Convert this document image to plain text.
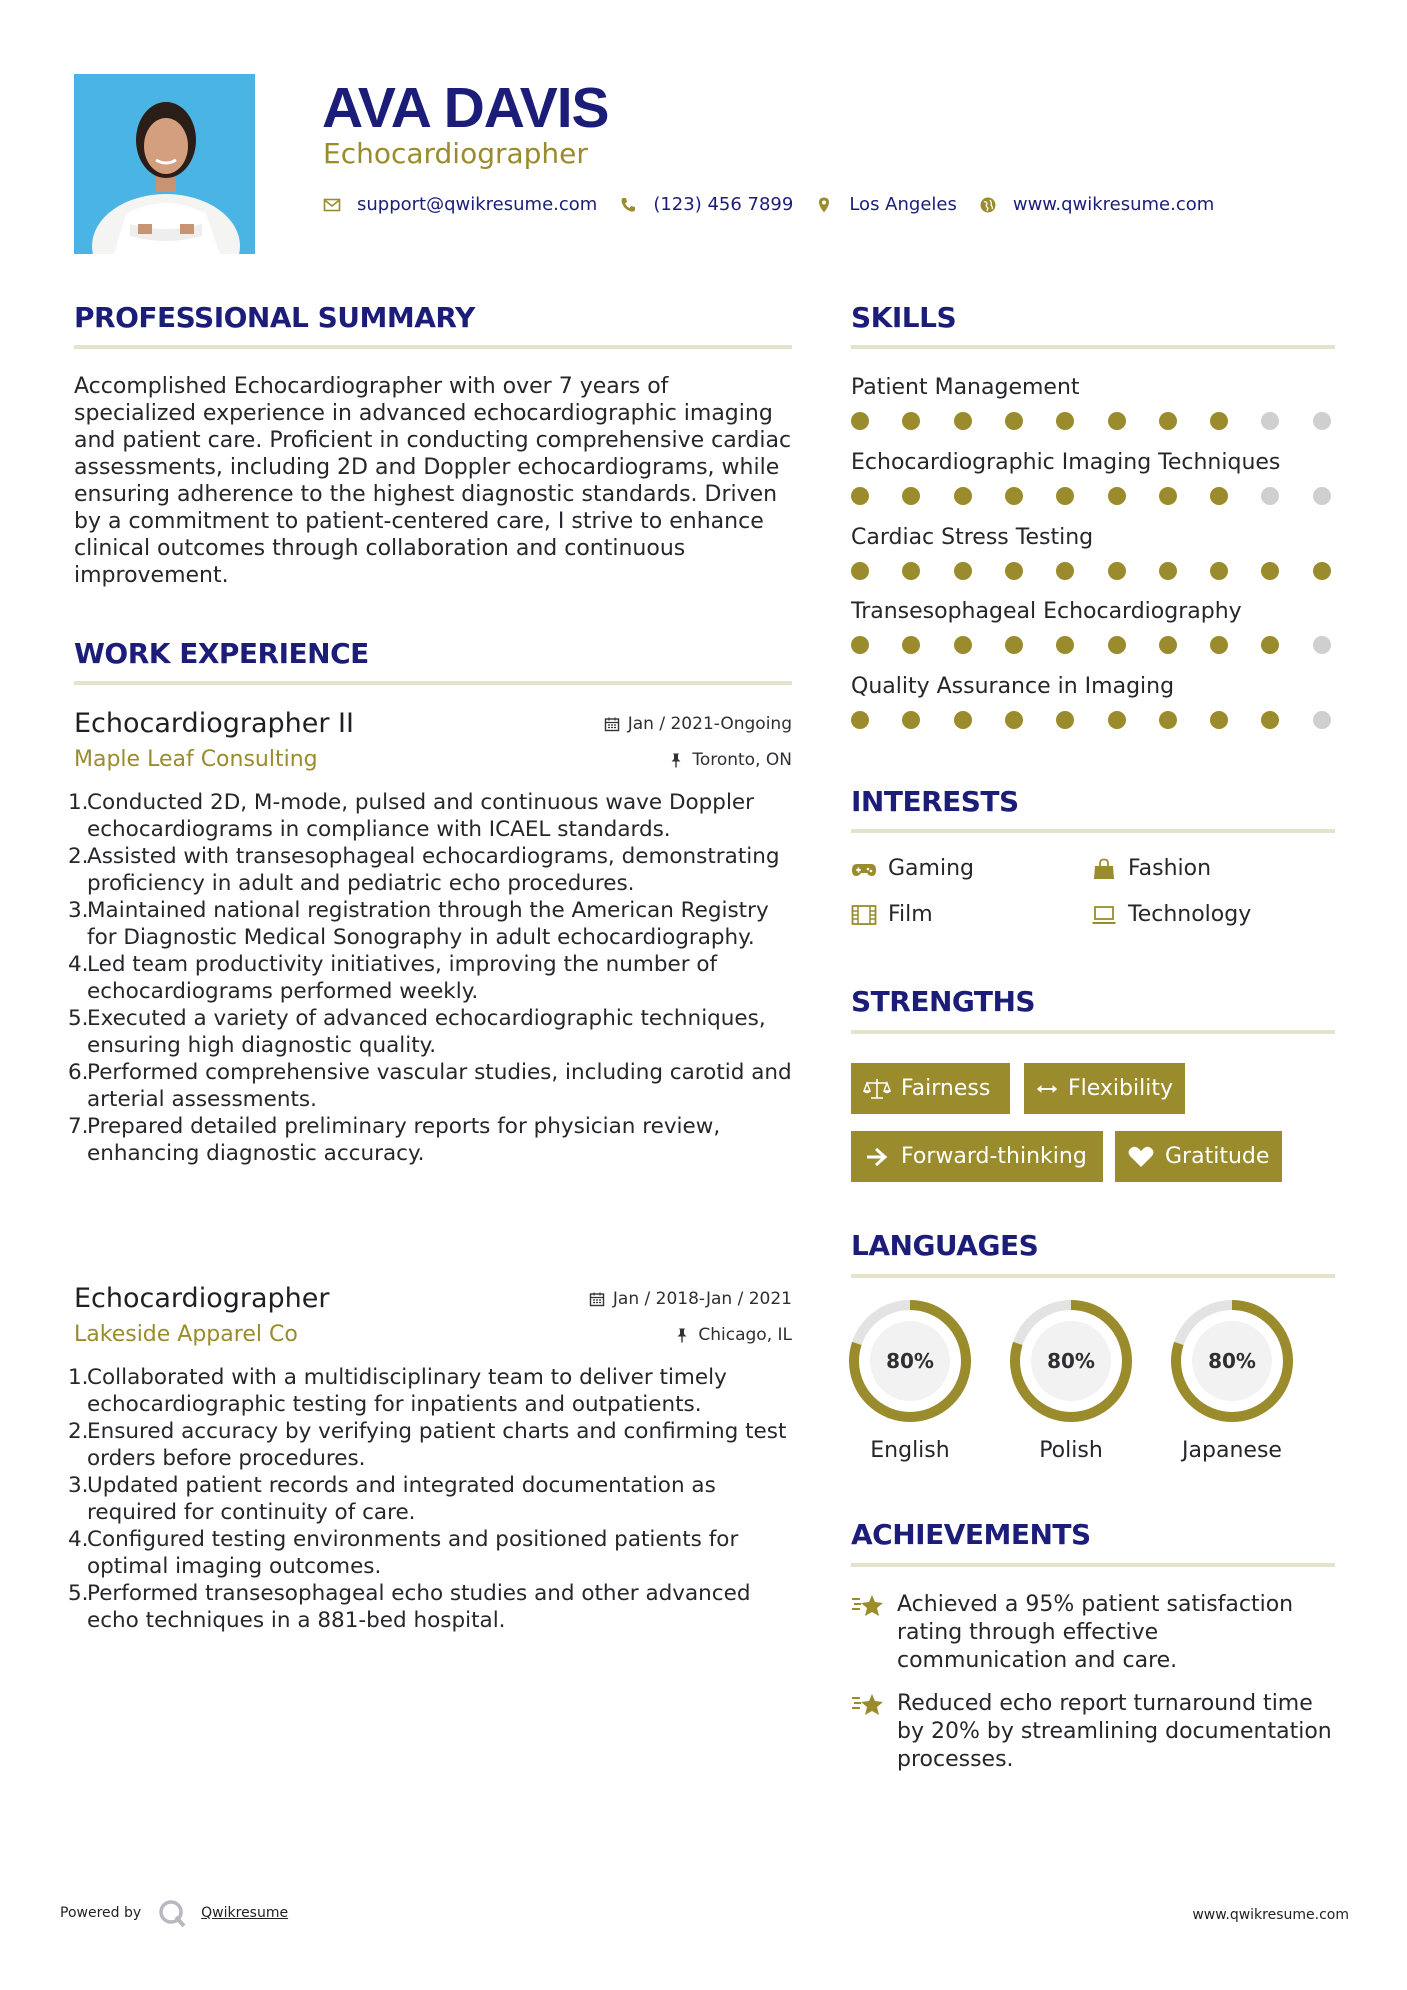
AVA DAVIS
Echocardiographer
support@qwikresume.com	(123) 456 7899	Los Angeles	www.qwikresume.com
PROFESSIONAL SUMMARY
Accomplished Echocardiographer with over 7 years of specialized experience in advanced echocardiographic imaging and patient care. Proficient in conducting comprehensive cardiac assessments, including 2D and Doppler echocardiograms, while ensuring adherence to the highest diagnostic standards. Driven by a commitment to patient-centered care, I strive to enhance clinical outcomes through collaboration and continuous improvement.
WORK EXPERIENCE
Echocardiographer II	Jan / 2021-Ongoing
Maple Leaf Consulting	Toronto, ON
1.
Conducted 2D, M-mode, pulsed and continuous wave Doppler echocardiograms in compliance with ICAEL standards.
2.
Assisted with transesophageal echocardiograms, demonstrating proficiency in adult and pediatric echo procedures.
3.
Maintained national registration through the American Registry for Diagnostic Medical Sonography in adult echocardiography.
4.
Led team productivity initiatives, improving the number of echocardiograms performed weekly.
5.
Executed a variety of advanced echocardiographic techniques, ensuring high diagnostic quality.
6.
Performed comprehensive vascular studies, including carotid and arterial assessments.
7.
Prepared detailed preliminary reports for physician review, enhancing diagnostic accuracy.
Echocardiographer	Jan / 2018-Jan / 2021
Lakeside Apparel Co	Chicago, IL
1.
Collaborated with a multidisciplinary team to deliver timely echocardiographic testing for inpatients and outpatients.
2.
Ensured accuracy by verifying patient charts and confirming test orders before procedures.
3.
Updated patient records and integrated documentation as required for continuity of care.
4.
Configured testing environments and positioned patients for optimal imaging outcomes.
5.
Performed transesophageal echo studies and other advanced echo techniques in a 881-bed hospital.
SKILLS
Patient Management
Echocardiographic Imaging Techniques
Cardiac Stress Testing
Transesophageal Echocardiography
Quality Assurance in Imaging
INTERESTS
Gaming	Fashion
Film	Technology
STRENGTHS
Fairness	Flexibility
Forward-thinking	Gratitude
LANGUAGES
80%
English
80%
Polish
80%
Japanese
ACHIEVEMENTS
Achieved a 95% patient satisfaction rating through effective communication and care.
Reduced echo report turnaround time by 20% by streamlining documentation processes.
Powered by	Qwikresume	www.qwikresume.com
